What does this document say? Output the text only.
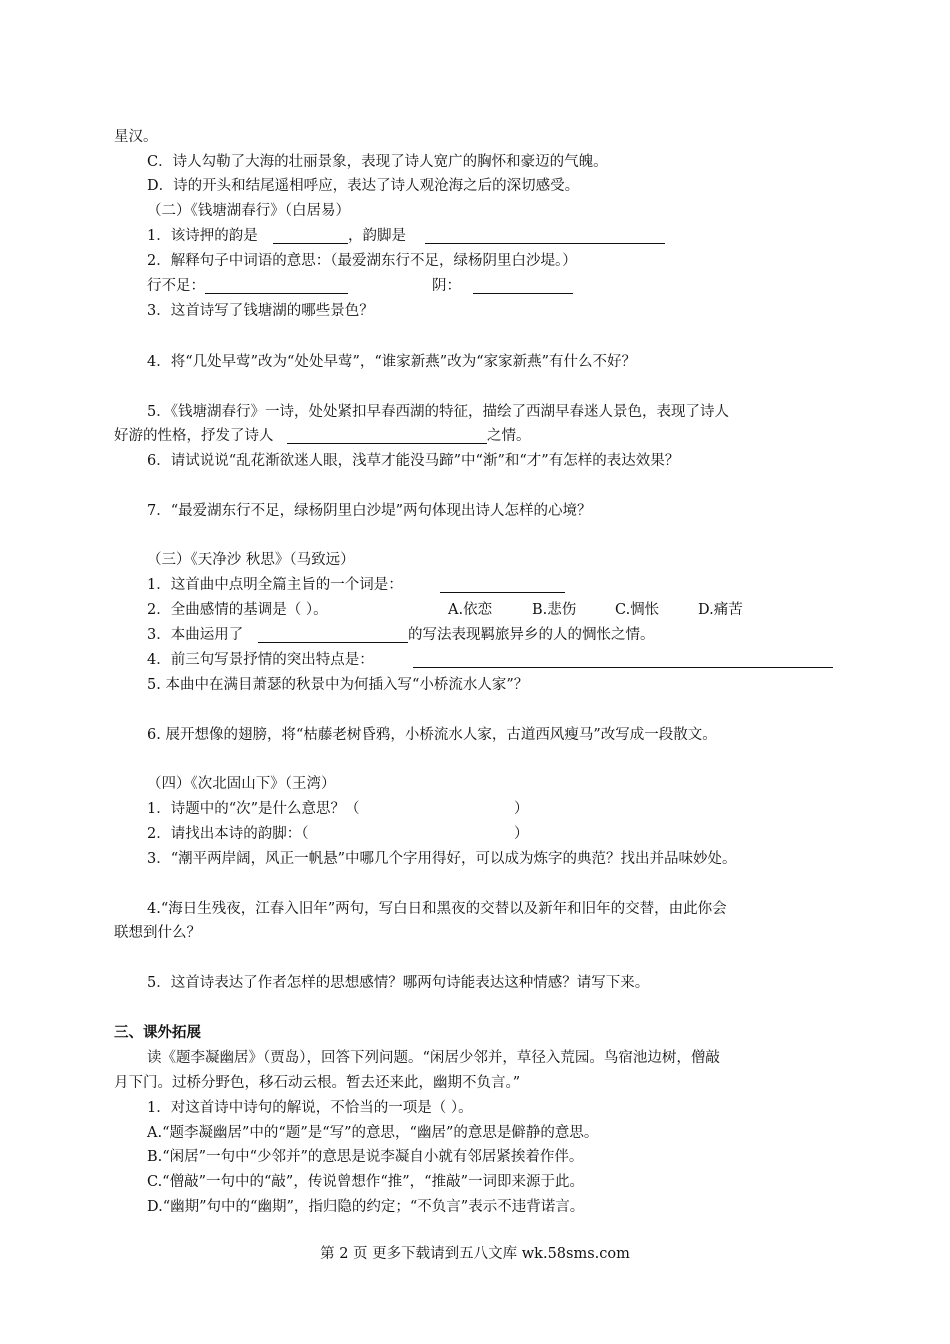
星汉。
C．诗人勾勒了大海的壮丽景象，表现了诗人宽广的胸怀和豪迈的气魄。
D．诗的开头和结尾遥相呼应，表达了诗人观沧海之后的深切感受。
（二）《钱塘湖春行》（白居易）
1．该诗押的韵是	，韵脚是
2．解释句子中词语的意思：（最爱湖东行不足，绿杨阴里白沙堤。）
行不足：	阴：
3．这首诗写了钱塘湖的哪些景色？
4．将“几处早莺”改为“处处早莺”，“谁家新燕”改为“家家新燕”有什么不好？
5．《钱塘湖春行》一诗，处处紧扣早春西湖的特征，描绘了西湖早春迷人景色，表现了诗人
好游的性格，抒发了诗人	之情。
6．请试说说“乱花渐欲迷人眼，浅草才能没马蹄”中“渐”和“才”有怎样的表达效果？
7．“最爱湖东行不足，绿杨阴里白沙堤”两句体现出诗人怎样的心境？
（三）《天净沙 秋思》（马致远）
1．这首曲中点明全篇主旨的一个词是：
2．全曲感情的基调是（ ）。	A.依恋	B.悲伤	C.惆怅	D.痛苦
3．本曲运用了	的写法表现羁旅异乡的人的惆怅之情。
4．前三句写景抒情的突出特点是：
5. 本曲中在满目萧瑟的秋景中为何插入写“小桥流水人家”？
6. 展开想像的翅膀，将“枯藤老树昏鸦，小桥流水人家，古道西风瘦马”改写成一段散文。
（四）《次北固山下》（王湾）
1．诗题中的“次”是什么意思？（	）
2．请找出本诗的韵脚：（	）
3．“潮平两岸阔，风正一帆悬”中哪几个字用得好，可以成为炼字的典范？找出并品味妙处。
4.“海日生残夜，江春入旧年”两句，写白日和黑夜的交替以及新年和旧年的交替，由此你会
联想到什么？
5．这首诗表达了作者怎样的思想感情？哪两句诗能表达这种情感？请写下来。
三、课外拓展
读《题李凝幽居》（贾岛），回答下列问题。“闲居少邻并，草径入荒园。鸟宿池边树，僧敲
月下门。过桥分野色，移石动云根。暂去还来此，幽期不负言。”
1．对这首诗中诗句的解说，不恰当的一项是（ ）。
A.“题李凝幽居”中的“题”是“写”的意思，“幽居”的意思是僻静的意思。
B.“闲居”一句中“少邻并”的意思是说李凝自小就有邻居紧挨着作伴。
C.“僧敲”一句中的“敲”，传说曾想作“推”，“推敲”一词即来源于此。
D.“幽期”句中的“幽期”，指归隐的约定；“不负言”表示不违背诺言。
第 2 页 更多下载请到五八文库 wk.58sms.com
